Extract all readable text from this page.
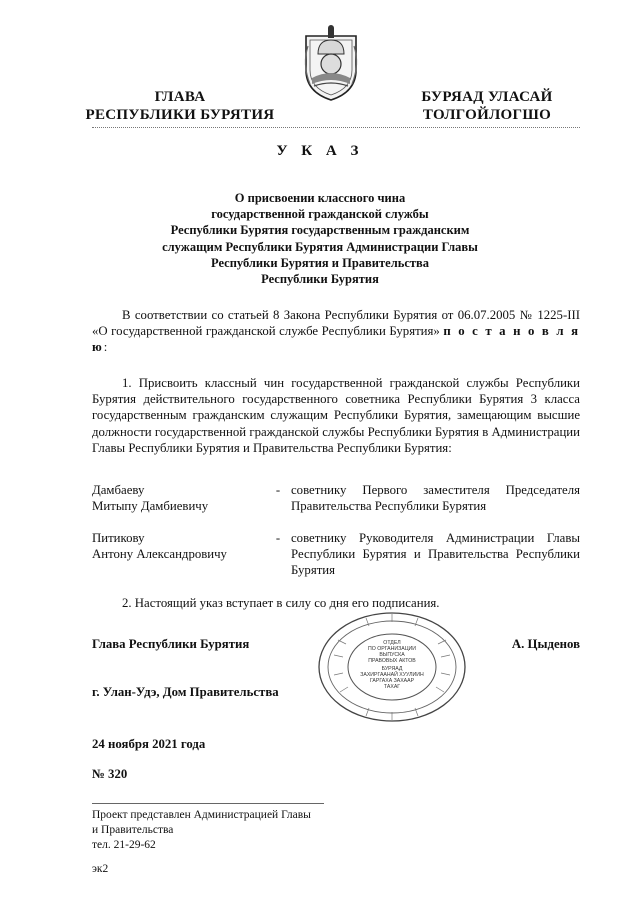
ГЛАВА
РЕСПУБЛИКИ БУРЯТИЯ
БУРЯАД УЛАСАЙ
ТОЛГОЙЛОГШО
У К А З
О присвоении классного чина
государственной гражданской службы
Республики Бурятия государственным гражданским
служащим Республики Бурятия Администрации Главы
Республики Бурятия и Правительства
Республики Бурятия
В соответствии со статьей 8 Закона Республики Бурятия от 06.07.2005 № 1225-III «О государственной гражданской службе Республики Бурятия» п о с т а н о в л я ю:
1. Присвоить классный чин государственной гражданской службы Республики Бурятия действительного государственного советника Республики Бурятия 3 класса государственным гражданским служащим Республики Бурятия, замещающим высшие должности государственной гражданской службы Республики Бурятия в Администрации Главы Республики Бурятия и Правительства Республики Бурятия:
Дамбаеву
Митыпу Дамбиевичу
- советнику Первого заместителя Председателя Правительства Республики Бурятия
Питикову
Антону Александровичу
- советнику Руководителя Администрации Главы Республики Бурятия и Правительства Республики Бурятия
2. Настоящий указ вступает в силу со дня его подписания.
ОТДЕЛ
ПО ОРГАНИЗАЦИИ
ВЫПУСКА
ПРАВОВЫХ АКТОВ
БУРЯАД
ЗАХИРГААНАЙ ХУУЛИИН
ГАРГАХА ЗАХААР
ТАХАГ
Глава Республики Бурятия	А. Цыденов
г. Улан-Удэ, Дом Правительства
24 ноября 2021 года
№ 320
Проект представлен Администрацией Главы
и Правительства
тел. 21-29-62
эк2
